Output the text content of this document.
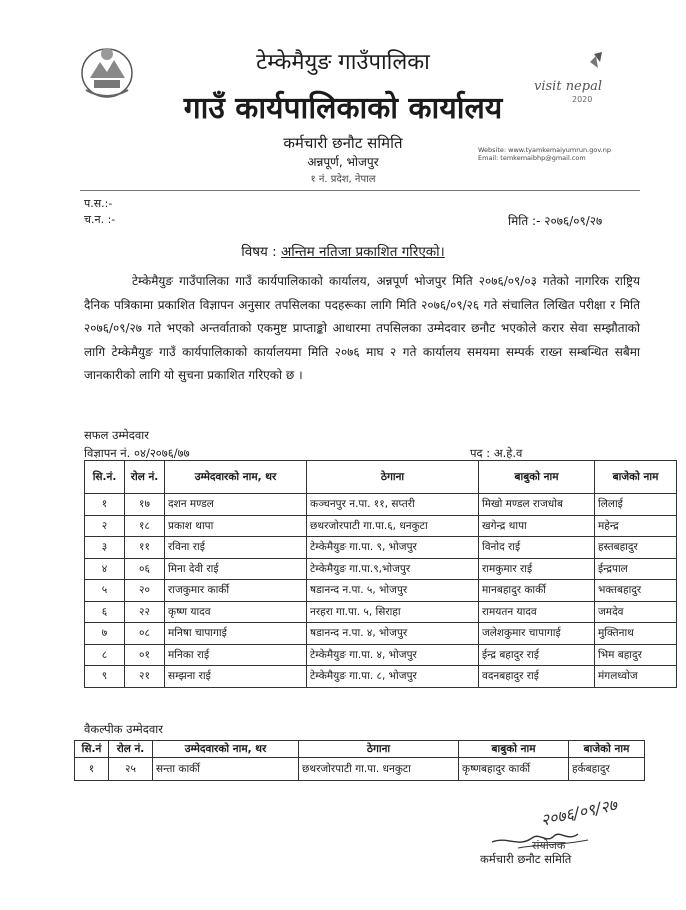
visit nepal
2020
टेम्केमैयुङ गाउँपालिका
गाउँ कार्यपालिकाको कार्यालय
कर्मचारी छनौट समिति
अन्नपूर्ण, भोजपुर
१ नं. प्रदेश, नेपाल
Website: www.tyamkemaiyumrun.gov.np
Email: temkemaibhp@gmail.com
प.स.:-
च.न. :-	मिति :- २०७६/०९/२७
विषय : अन्तिम नतिजा प्रकाशित गरिएको।
टेम्केमैयुङ गाउँपालिका गाउँ कार्यपालिकाको कार्यालय, अन्नपूर्ण भोजपुर मिति २०७६/०९/०३ गतेको नागरिक राष्ट्रिय दैनिक पत्रिकामा प्रकाशित विज्ञापन अनुसार तपसिलका पदहरूका लागि मिति २०७६/०९/२६ गते संचालित लिखित परीक्षा र मिति २०७६/०९/२७ गते भएको अन्तर्वाताको एकमुष्ट प्राप्ताङ्को आधारमा तपसिलका उम्मेदवार छनौट भएकोले करार सेवा सम्झौताको लागि टेम्केमैयुङ गाउँ कार्यपालिकाको कार्यालयमा मिति २०७६ माघ २ गते कार्यालय समयमा सम्पर्क राख्न सम्बन्धित सबैमा जानकारीको लागि यो सुचना प्रकाशित गरिएको छ ।
सफल उम्मेदवार
विज्ञापन नं. ०४/२०७६/७७	पद : अ.हे.व
सि.नं.	रोल नं.	उम्मेदवारको नाम, थर	ठेगाना	बाबुको नाम	बाजेको नाम
१	१७	दशन मण्डल	कञ्चनपुर न.पा. ११, सप्तरी	मिखो मण्डल राजधोब	लिलाई
२	१८	प्रकाश थापा	छथरजोरपाटी गा.पा.६, धनकुटा	खगेन्द्र थापा	महेन्द्र
३	११	रविना राई	टेम्केमैयुङ गा.पा. ९, भोजपुर	विनोद राई	हस्तबहादुर
४	०६	मिना देवी राई	टेम्केमैयुङ गा.पा.९,भोजपुर	रामकुमार राई	ईन्द्रपाल
५	२०	राजकुमार कार्की	षडानन्द न.पा. ५, भोजपुर	मानबहादुर कार्की	भक्तबहादुर
६	२२	कृष्ण यादव	नरहरा गा.पा. ५, सिराहा	रामयतन यादव	जमदेव
७	०८	मनिषा चापागाई	षडानन्द न.पा. ४, भोजपुर	जलेशकुमार चापागाई	मुक्तिनाथ
८	०१	मनिका राई	टेम्केमैयुङ गा.पा. ४, भोजपुर	ईन्द्र बहादुर राई	भिम बहादुर
९	२१	सम्झना राई	टेम्केमैयुङ गा.पा. ८, भोजपुर	वदनबहादुर राई	मंगलध्वोज
वैकल्पीक उम्मेदवार
सि.नं	रोल नं.	उम्मेदवारको नाम, थर	ठेगाना	बाबुको नाम	बाजेको नाम
१	२५	सन्ता कार्की	छथरजोरपाटी गा.पा. धनकुटा	कृष्णबहादुर कार्की	हर्कबहादुर
२०७६/०९/२७
संयोजक
कर्मचारी छनौट समिति
